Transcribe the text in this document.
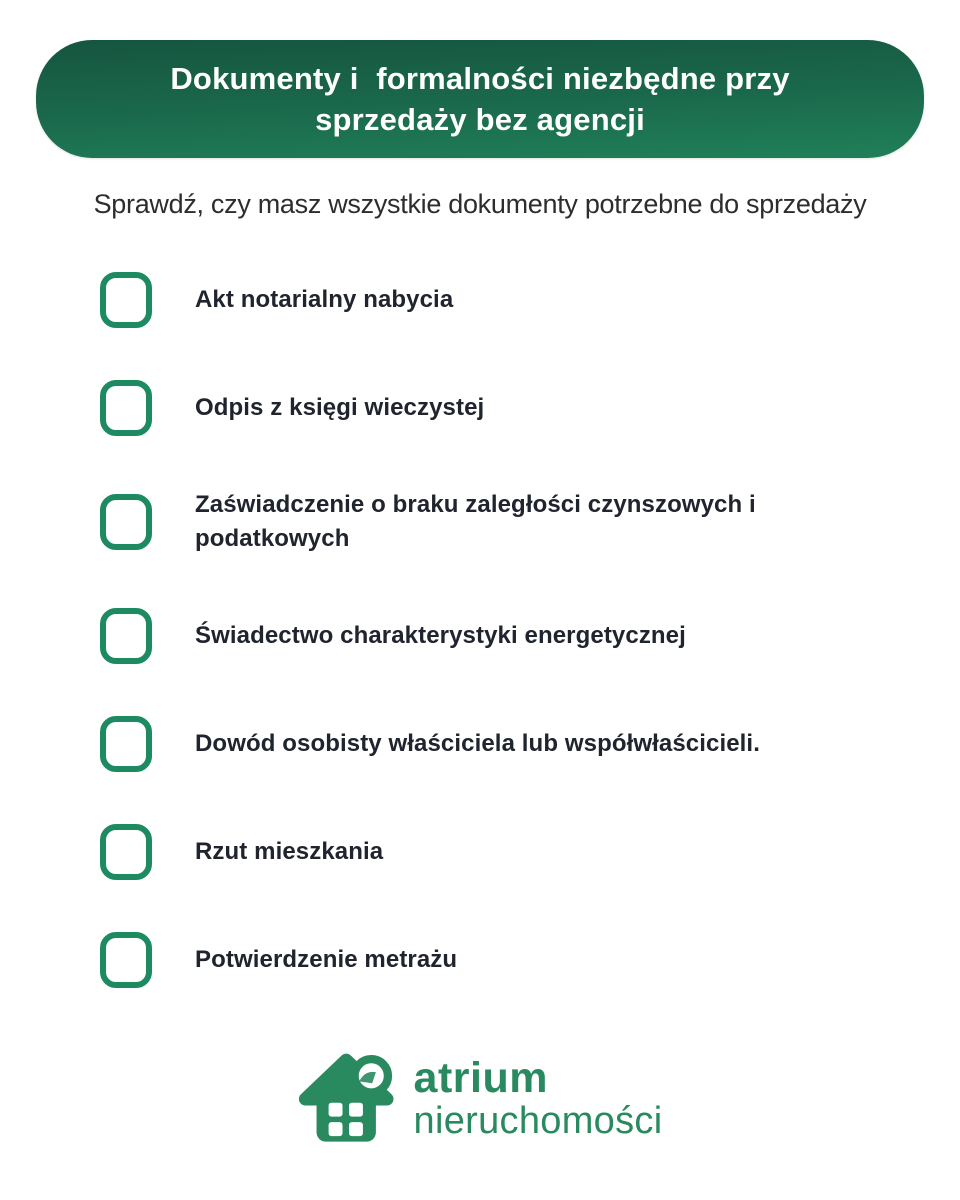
Dokumenty i  formalności niezbędne przy
sprzedaży bez agencji
Sprawdź, czy masz wszystkie dokumenty potrzebne do sprzedaży
Akt notarialny nabycia
Odpis z księgi wieczystej
Zaświadczenie o braku zaległości czynszowych i podatkowych
Świadectwo charakterystyki energetycznej
Dowód osobisty właściciela lub współwłaścicieli.
Rzut mieszkania
Potwierdzenie metrażu
atrium
nieruchomości
